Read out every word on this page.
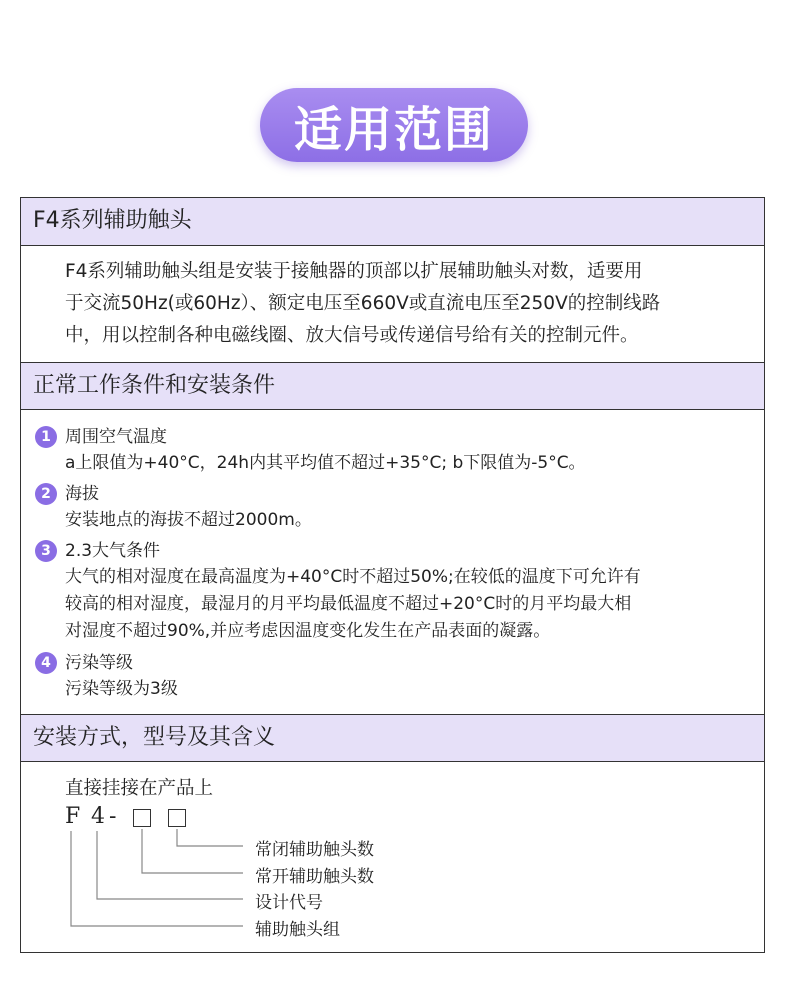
适用范围
F4系列辅助触头
F4系列辅助触头组是安装于接触器的顶部以扩展辅助触头对数，适要用
于交流50Hz(或60Hz）、额定电压至660V或直流电压至250V的控制线路
中，用以控制各种电磁线圈、放大信号或传递信号给有关的控制元件。
正常工作条件和安装条件
1 周围空气温度
a上限值为+40°C，24h内其平均值不超过+35°C; b下限值为-5°C。
2 海拔
安装地点的海拔不超过2000m。
3 2.3大气条件
大气的相对湿度在最高温度为+40°C时不超过50%;在较低的温度下可允许有
较高的相对湿度，最湿月的月平均最低温度不超过+20°C时的月平均最大相
对湿度不超过90%,并应考虑因温度变化发生在产品表面的凝露。
4 污染等级
污染等级为3级
安装方式，型号及其含义
直接挂接在产品上
F 4 -
常闭辅助触头数
常开辅助触头数
设计代号
辅助触头组
